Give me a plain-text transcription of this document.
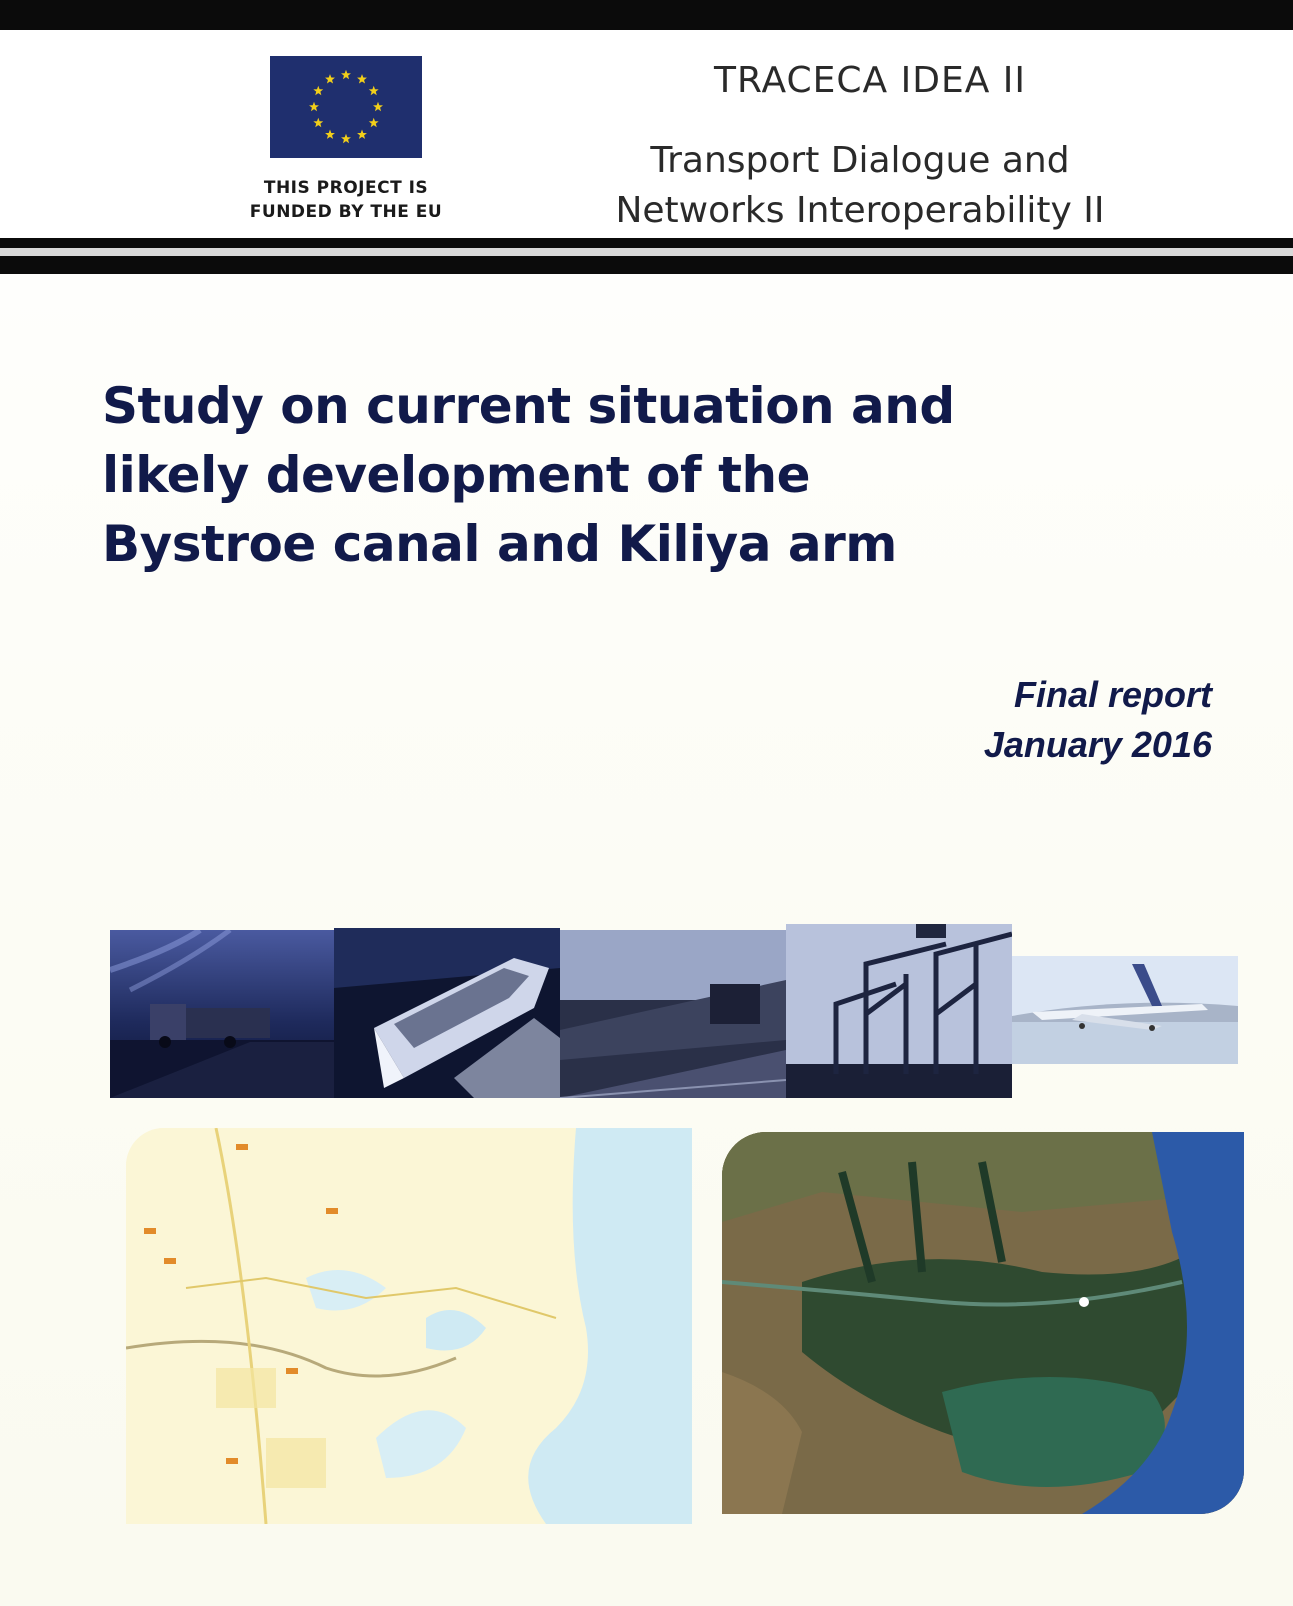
THIS PROJECT IS
FUNDED BY THE EU
TRACECA IDEA II
Transport Dialogue and
Networks Interoperability II
Study on current situation and
likely development of the
Bystroe canal and Kiliya arm
Final report
January 2016
